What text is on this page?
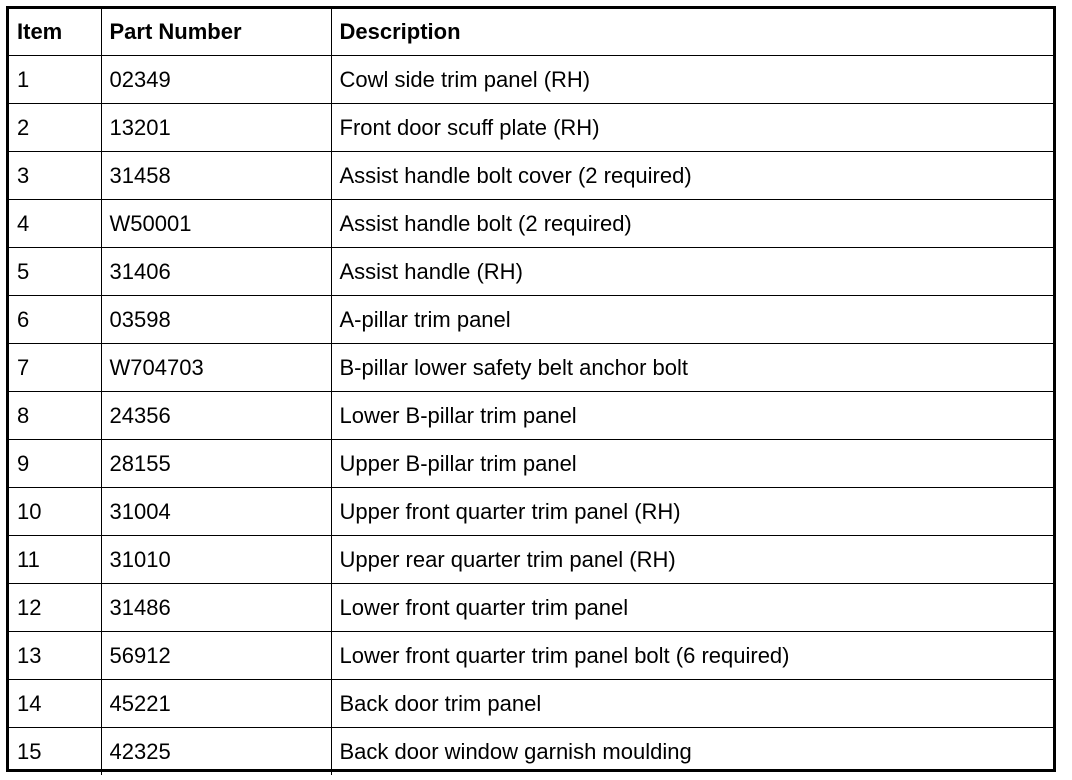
Item	Part Number	Description
1	02349	Cowl side trim panel (RH)
2	13201	Front door scuff plate (RH)
3	31458	Assist handle bolt cover (2 required)
4	W50001	Assist handle bolt (2 required)
5	31406	Assist handle (RH)
6	03598	A-pillar trim panel
7	W704703	B-pillar lower safety belt anchor bolt
8	24356	Lower B-pillar trim panel
9	28155	Upper B-pillar trim panel
10	31004	Upper front quarter trim panel (RH)
11	31010	Upper rear quarter trim panel (RH)
12	31486	Lower front quarter trim panel
13	56912	Lower front quarter trim panel bolt (6 required)
14	45221	Back door trim panel
15	42325	Back door window garnish moulding
